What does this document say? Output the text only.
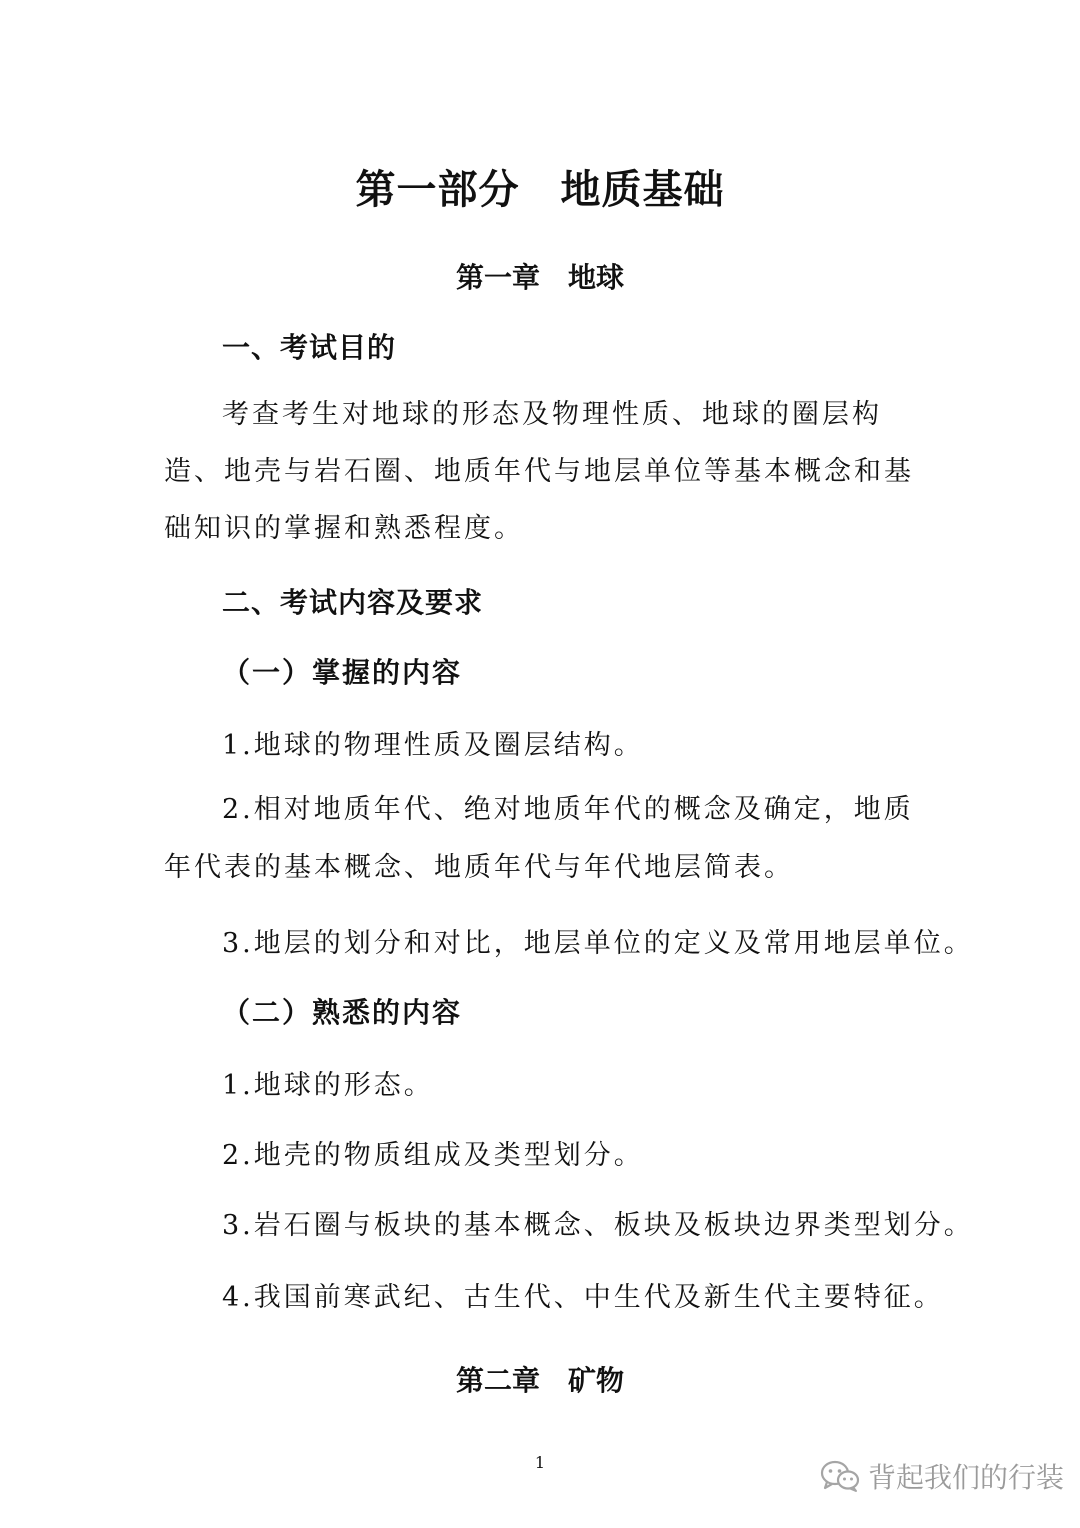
第一部分　地质基础
第一章　地球
一、考试目的
考查考生对地球的形态及物理性质、地球的圈层构造、地壳与岩石圈、地质年代与地层单位等基本概念和基础知识的掌握和熟悉程度。
二、考试内容及要求
（一）掌握的内容
1.地球的物理性质及圈层结构。
2.相对地质年代、绝对地质年代的概念及确定，地质年代表的基本概念、地质年代与年代地层简表。
3.地层的划分和对比，地层单位的定义及常用地层单位。
（二）熟悉的内容
1.地球的形态。
2.地壳的物质组成及类型划分。
3.岩石圈与板块的基本概念、板块及板块边界类型划分。
4.我国前寒武纪、古生代、中生代及新生代主要特征。
第二章　矿物
1	背起我们的行装
